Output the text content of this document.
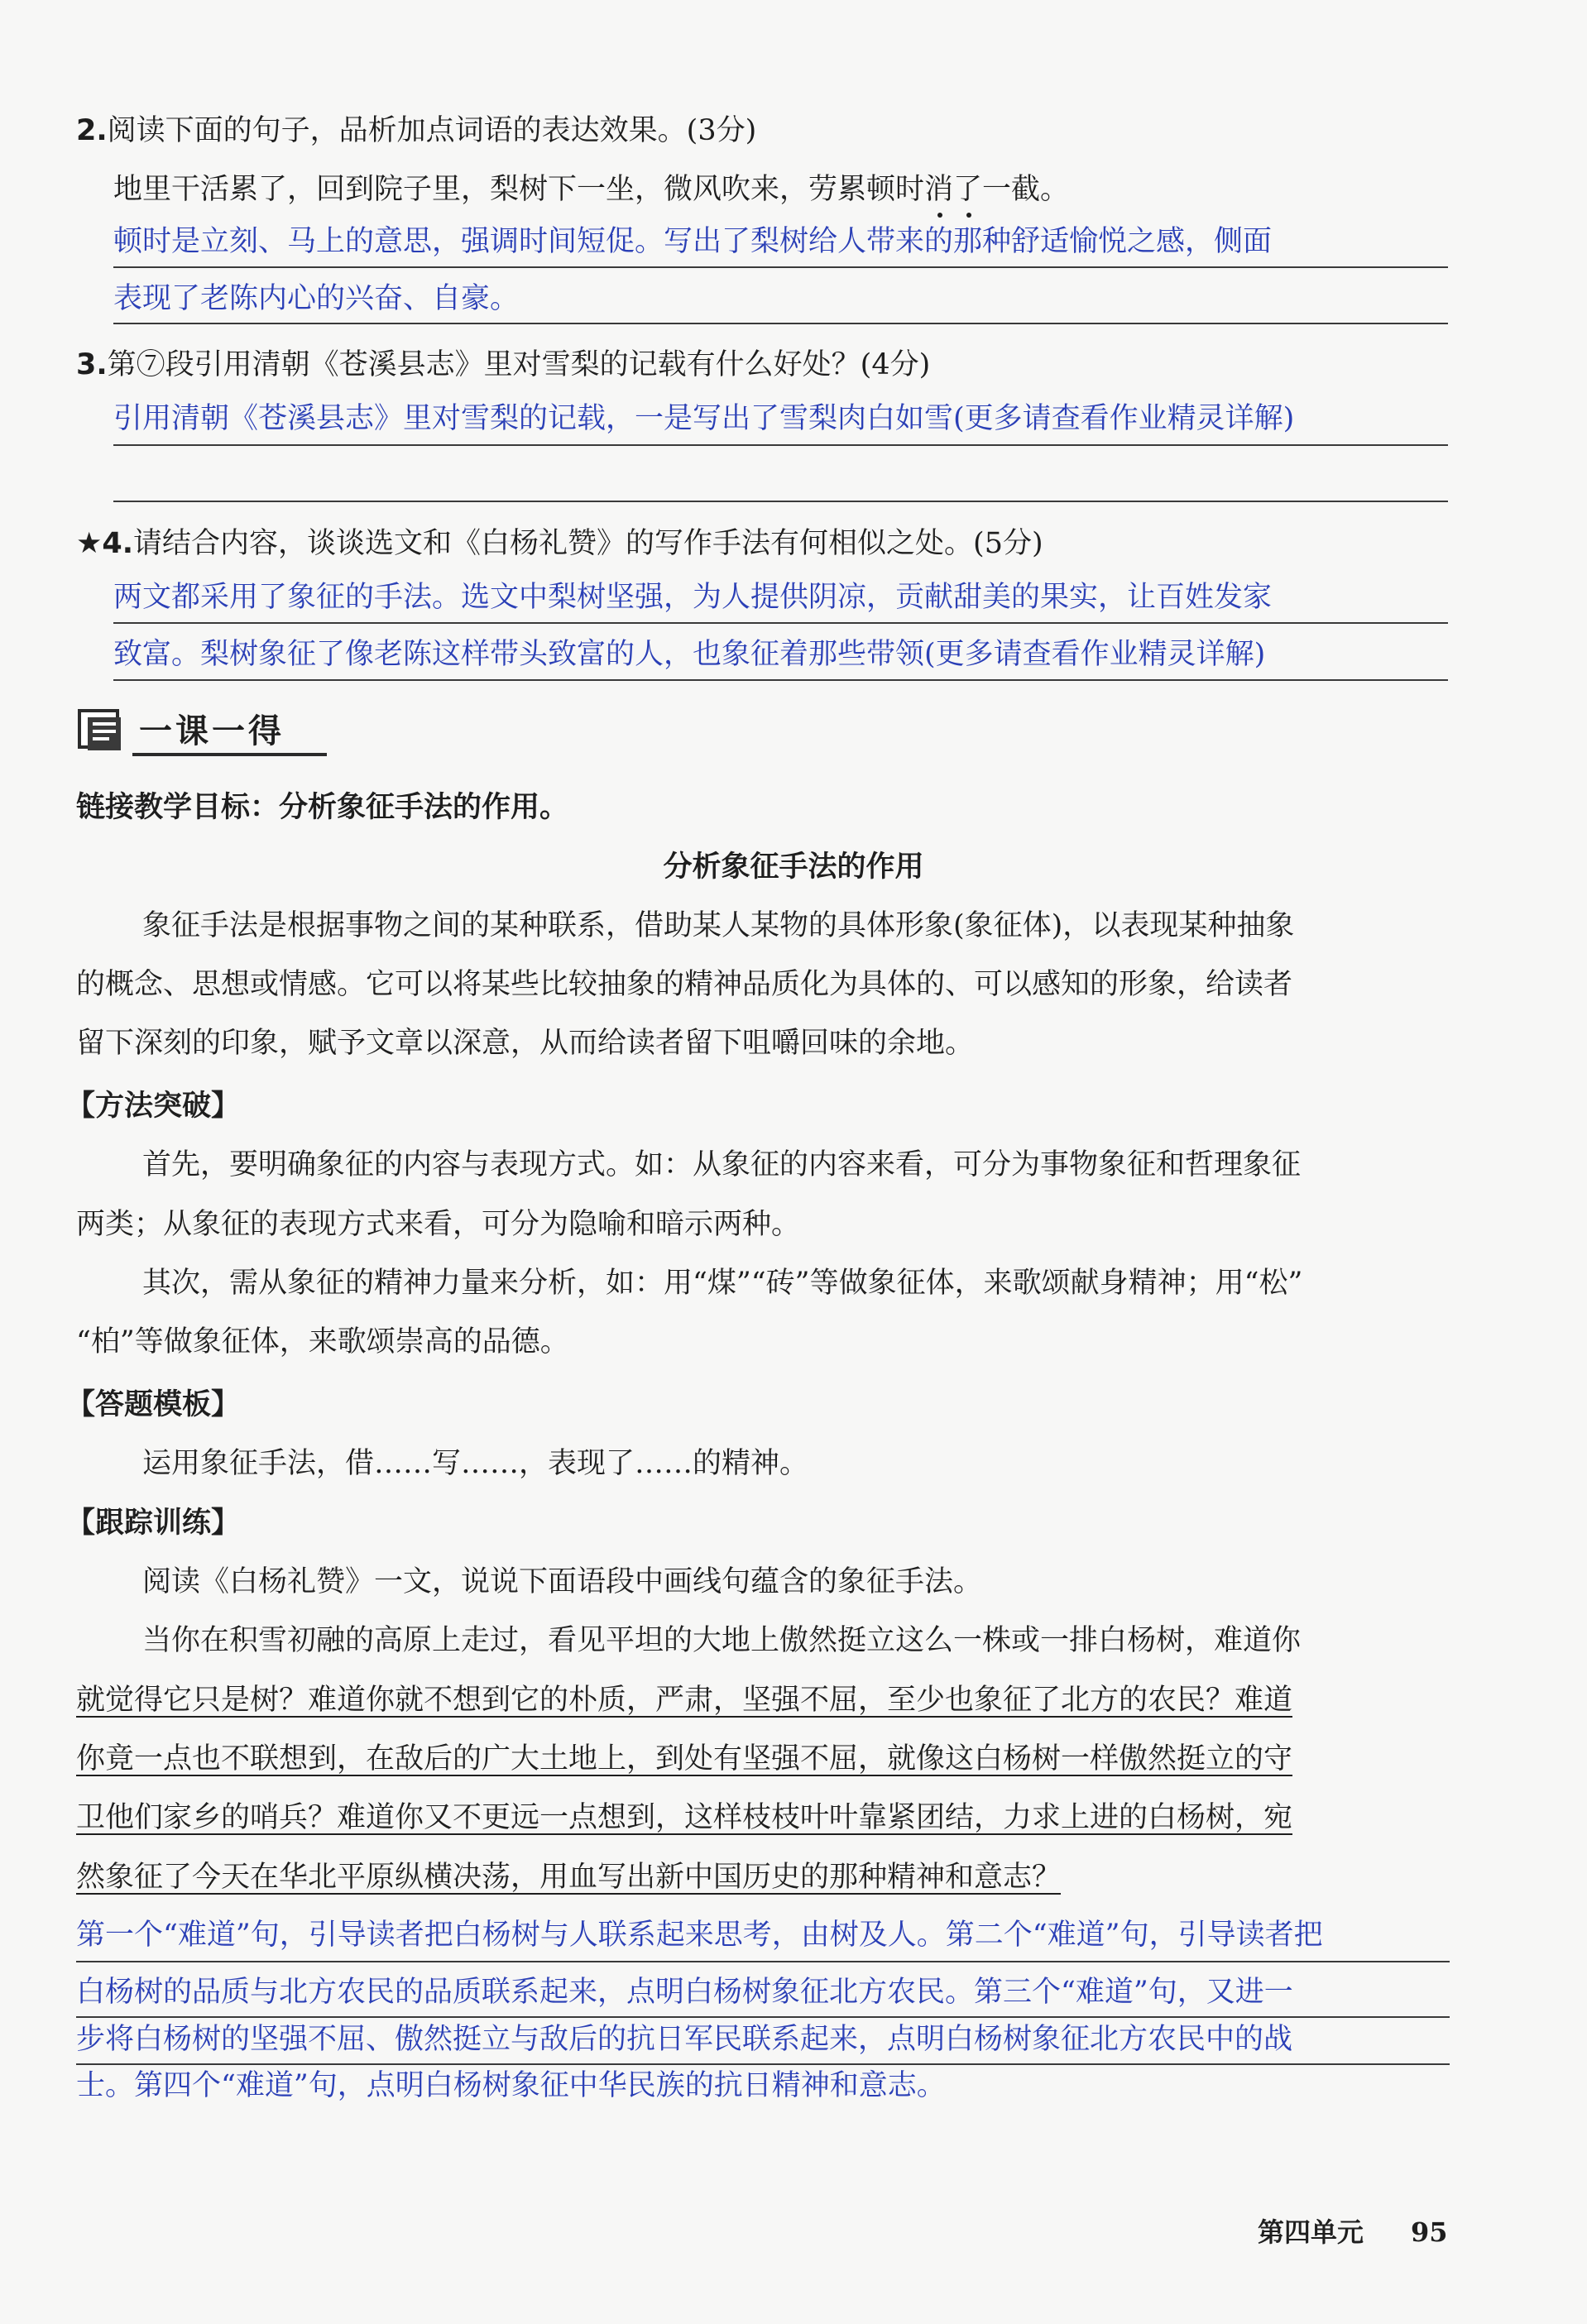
2.阅读下面的句子，品析加点词语的表达效果。(3分)
地里干活累了，回到院子里，梨树下一坐，微风吹来，劳累顿时消了一截。
顿时是立刻、马上的意思，强调时间短促。写出了梨树给人带来的那种舒适愉悦之感，侧面
表现了老陈内心的兴奋、自豪。
3.第⑦段引用清朝《苍溪县志》里对雪梨的记载有什么好处？(4分)
引用清朝《苍溪县志》里对雪梨的记载，一是写出了雪梨肉白如雪(更多请查看作业精灵详解)
★4.请结合内容，谈谈选文和《白杨礼赞》的写作手法有何相似之处。(5分)
两文都采用了象征的手法。选文中梨树坚强，为人提供阴凉，贡献甜美的果实，让百姓发家
致富。梨树象征了像老陈这样带头致富的人，也象征着那些带领(更多请查看作业精灵详解)
一课一得
链接教学目标：分析象征手法的作用。
分析象征手法的作用
象征手法是根据事物之间的某种联系，借助某人某物的具体形象(象征体)，以表现某种抽象
的概念、思想或情感。它可以将某些比较抽象的精神品质化为具体的、可以感知的形象，给读者
留下深刻的印象，赋予文章以深意，从而给读者留下咀嚼回味的余地。
【方法突破】
首先，要明确象征的内容与表现方式。如：从象征的内容来看，可分为事物象征和哲理象征
两类；从象征的表现方式来看，可分为隐喻和暗示两种。
其次，需从象征的精神力量来分析，如：用“煤”“砖”等做象征体，来歌颂献身精神；用“松”
“柏”等做象征体，来歌颂崇高的品德。
【答题模板】
运用象征手法，借……写……，表现了……的精神。
【跟踪训练】
阅读《白杨礼赞》一文，说说下面语段中画线句蕴含的象征手法。
当你在积雪初融的高原上走过，看见平坦的大地上傲然挺立这么一株或一排白杨树，难道你
就觉得它只是树？难道你就不想到它的朴质，严肃，坚强不屈，至少也象征了北方的农民？难道
你竟一点也不联想到，在敌后的广大土地上，到处有坚强不屈，就像这白杨树一样傲然挺立的守
卫他们家乡的哨兵？难道你又不更远一点想到，这样枝枝叶叶靠紧团结，力求上进的白杨树，宛
然象征了今天在华北平原纵横决荡，用血写出新中国历史的那种精神和意志？
第一个“难道”句，引导读者把白杨树与人联系起来思考，由树及人。第二个“难道”句，引导读者把
白杨树的品质与北方农民的品质联系起来，点明白杨树象征北方农民。第三个“难道”句，又进一
步将白杨树的坚强不屈、傲然挺立与敌后的抗日军民联系起来，点明白杨树象征北方农民中的战
士。第四个“难道”句，点明白杨树象征中华民族的抗日精神和意志。
第四单元 95
